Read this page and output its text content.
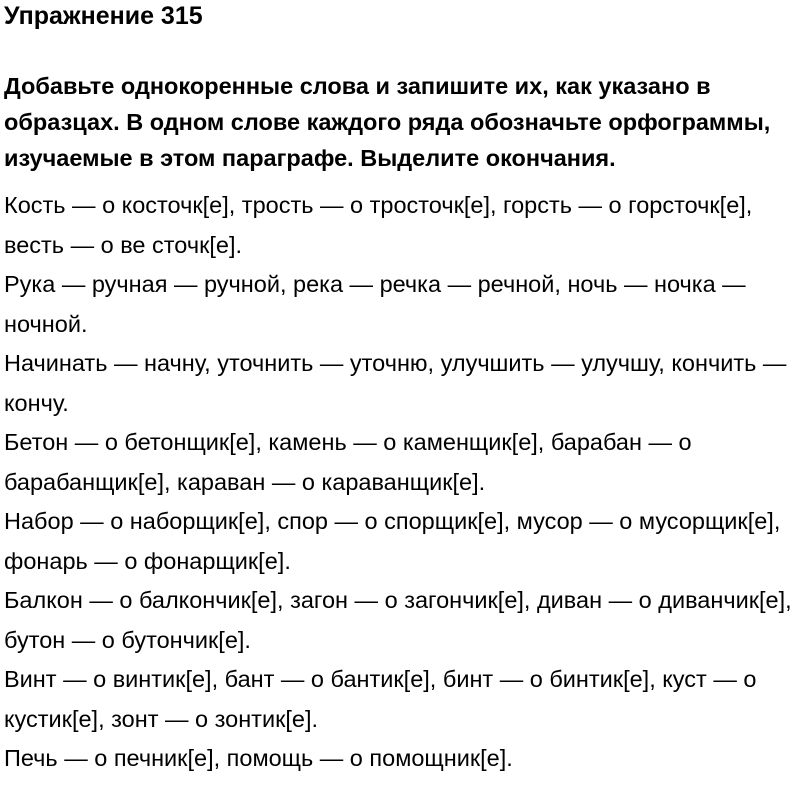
Упражнение 315

Добавьте однокоренные слова и запишите их, как указано в образцах. В одном слове каждого ряда обозначьте орфограммы, изучаемые в этом параграфе. Выделите окончания.

Кость — о косточк[е], трость — о тросточк[е], горсть — о горсточк[е], весть — о ве сточк[е].

Рука — ручная — ручной, река — речка — речной, ночь — ночка — ночной.

Начинать — начну, уточнить — уточню, улучшить — улучшу, кончить — кончу.

Бетон — о бетонщик[е], камень — о каменщик[е], барабан — о барабанщик[е], караван — о караванщик[е].

Набор — о наборщик[е], спор — о спорщик[е], мусор — о мусорщик[е], фонарь — о фонарщик[е].

Балкон — о балкончик[е], загон — о загончик[е], диван — о диванчик[е], бутон — о бутончик[е].

Винт — о винтик[е], бант — о бантик[е], бинт — о бинтик[е], куст — о кустик[е], зонт — о зонтик[е].

Печь — о печник[е], помощь — о помощник[е].
